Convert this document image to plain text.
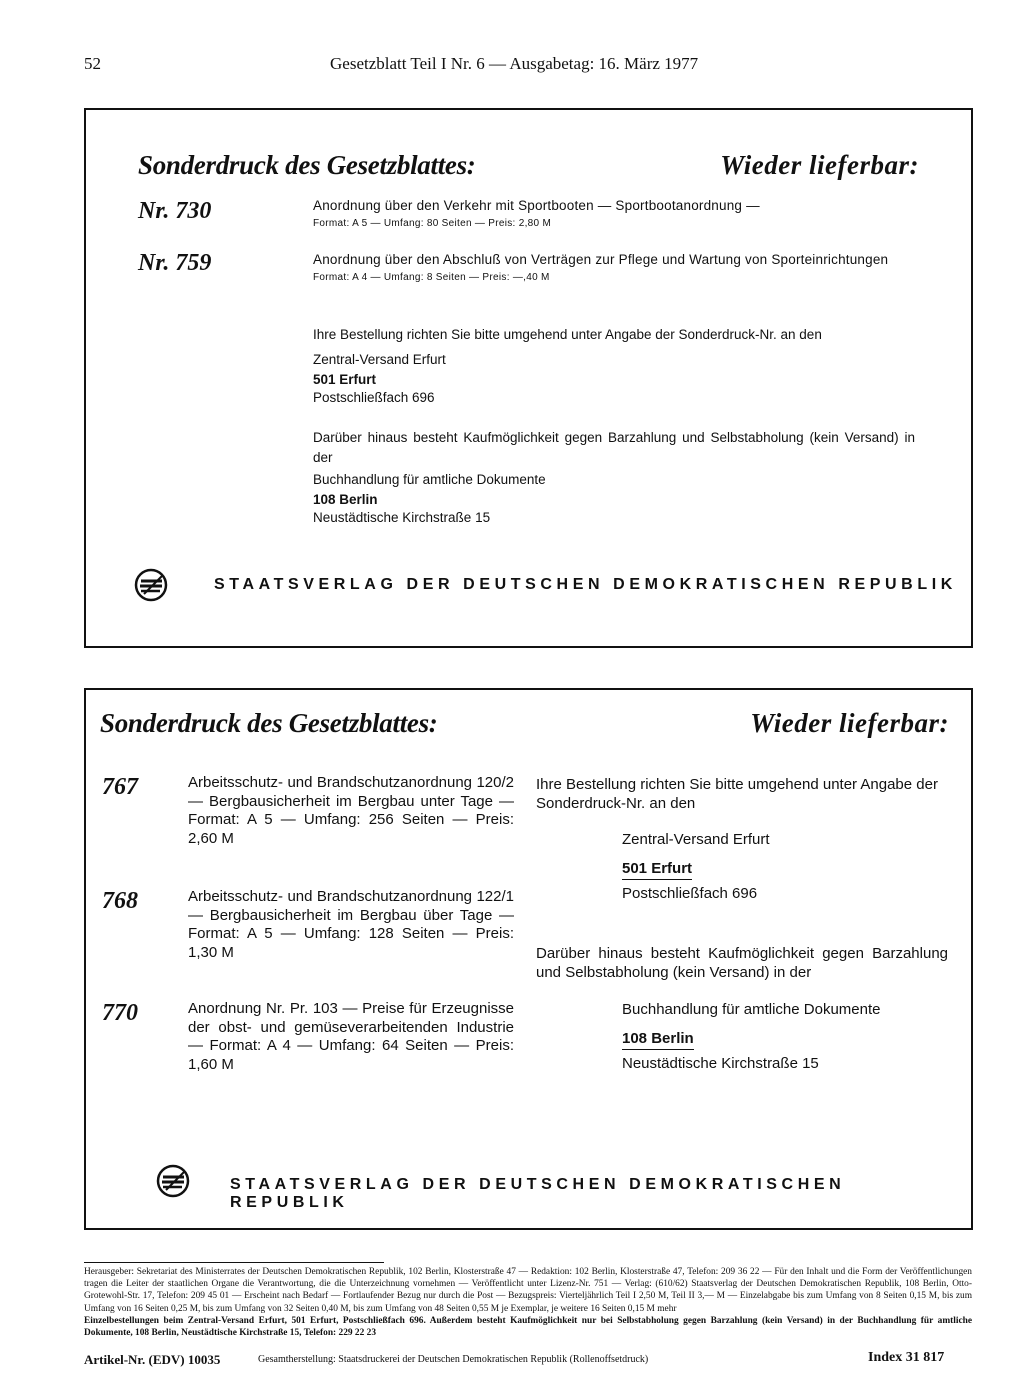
52	Gesetzblatt Teil I Nr. 6 — Ausgabetag: 16. März 1977
Sonderdruck des Gesetzblattes:	Wieder lieferbar:
Nr. 730	Anordnung über den Verkehr mit Sportbooten — Sportbootanordnung —
Format: A 5 — Umfang: 80 Seiten — Preis: 2,80 M
Nr. 759	Anordnung über den Abschluß von Verträgen zur Pflege und Wartung von Sporteinrichtungen
Format: A 4 — Umfang: 8 Seiten — Preis: —,40 M
Ihre Bestellung richten Sie bitte umgehend unter Angabe der Sonderdruck-Nr. an den
Zentral-Versand Erfurt
501 Erfurt
Postschließfach 696
Darüber hinaus besteht Kaufmöglichkeit gegen Barzahlung und Selbstabholung (kein Versand) in der
Buchhandlung für amtliche Dokumente
108 Berlin
Neustädtische Kirchstraße 15
STAATSVERLAG DER DEUTSCHEN DEMOKRATISCHEN REPUBLIK
Sonderdruck des Gesetzblattes:	Wieder lieferbar:
767	Arbeitsschutz- und Brandschutzanordnung 120/2 — Bergbausicherheit im Bergbau unter Tage — Format: A 5 — Umfang: 256 Seiten — Preis: 2,60 M
768	Arbeitsschutz- und Brandschutzanordnung 122/1 — Bergbausicherheit im Bergbau über Tage — Format: A 5 — Umfang: 128 Seiten — Preis: 1,30 M
770	Anordnung Nr. Pr. 103 — Preise für Erzeugnisse der obst- und gemüseverarbeitenden Industrie — Format: A 4 — Umfang: 64 Seiten — Preis: 1,60 M
Ihre Bestellung richten Sie bitte umgehend unter Angabe der Sonderdruck-Nr. an den
Zentral-Versand Erfurt
501 Erfurt
Postschließfach 696
Darüber hinaus besteht Kaufmöglichkeit gegen Barzahlung und Selbstabholung (kein Versand) in der
Buchhandlung für amtliche Dokumente
108 Berlin
Neustädtische Kirchstraße 15
STAATSVERLAG DER DEUTSCHEN DEMOKRATISCHEN REPUBLIK
Herausgeber: Sekretariat des Ministerrates der Deutschen Demokratischen Republik, 102 Berlin, Klosterstraße 47 — Redaktion: 102 Berlin, Klosterstraße 47, Telefon: 209 36 22 — Für den Inhalt und die Form der Veröffentlichungen tragen die Leiter der staatlichen Organe die Verantwortung, die die Unterzeichnung vornehmen — Veröffentlicht unter Lizenz-Nr. 751 — Verlag: (610/62) Staatsverlag der Deutschen Demokratischen Republik, 108 Berlin, Otto-Grotewohl-Str. 17, Telefon: 209 45 01 — Erscheint nach Bedarf — Fortlaufender Bezug nur durch die Post — Bezugspreis: Vierteljährlich Teil I 2,50 M, Teil II 3,— M — Einzelabgabe bis zum Umfang von 8 Seiten 0,15 M, bis zum Umfang von 16 Seiten 0,25 M, bis zum Umfang von 32 Seiten 0,40 M, bis zum Umfang von 48 Seiten 0,55 M je Exemplar, je weitere 16 Seiten 0,15 M mehr
Einzelbestellungen beim Zentral-Versand Erfurt, 501 Erfurt, Postschließfach 696. Außerdem besteht Kaufmöglichkeit nur bei Selbstabholung gegen Barzahlung (kein Versand) in der Buchhandlung für amtliche Dokumente, 108 Berlin, Neustädtische Kirchstraße 15, Telefon: 229 22 23
Artikel-Nr. (EDV) 10035	Gesamtherstellung: Staatsdruckerei der Deutschen Demokratischen Republik (Rollenoffsetdruck)	Index 31 817
